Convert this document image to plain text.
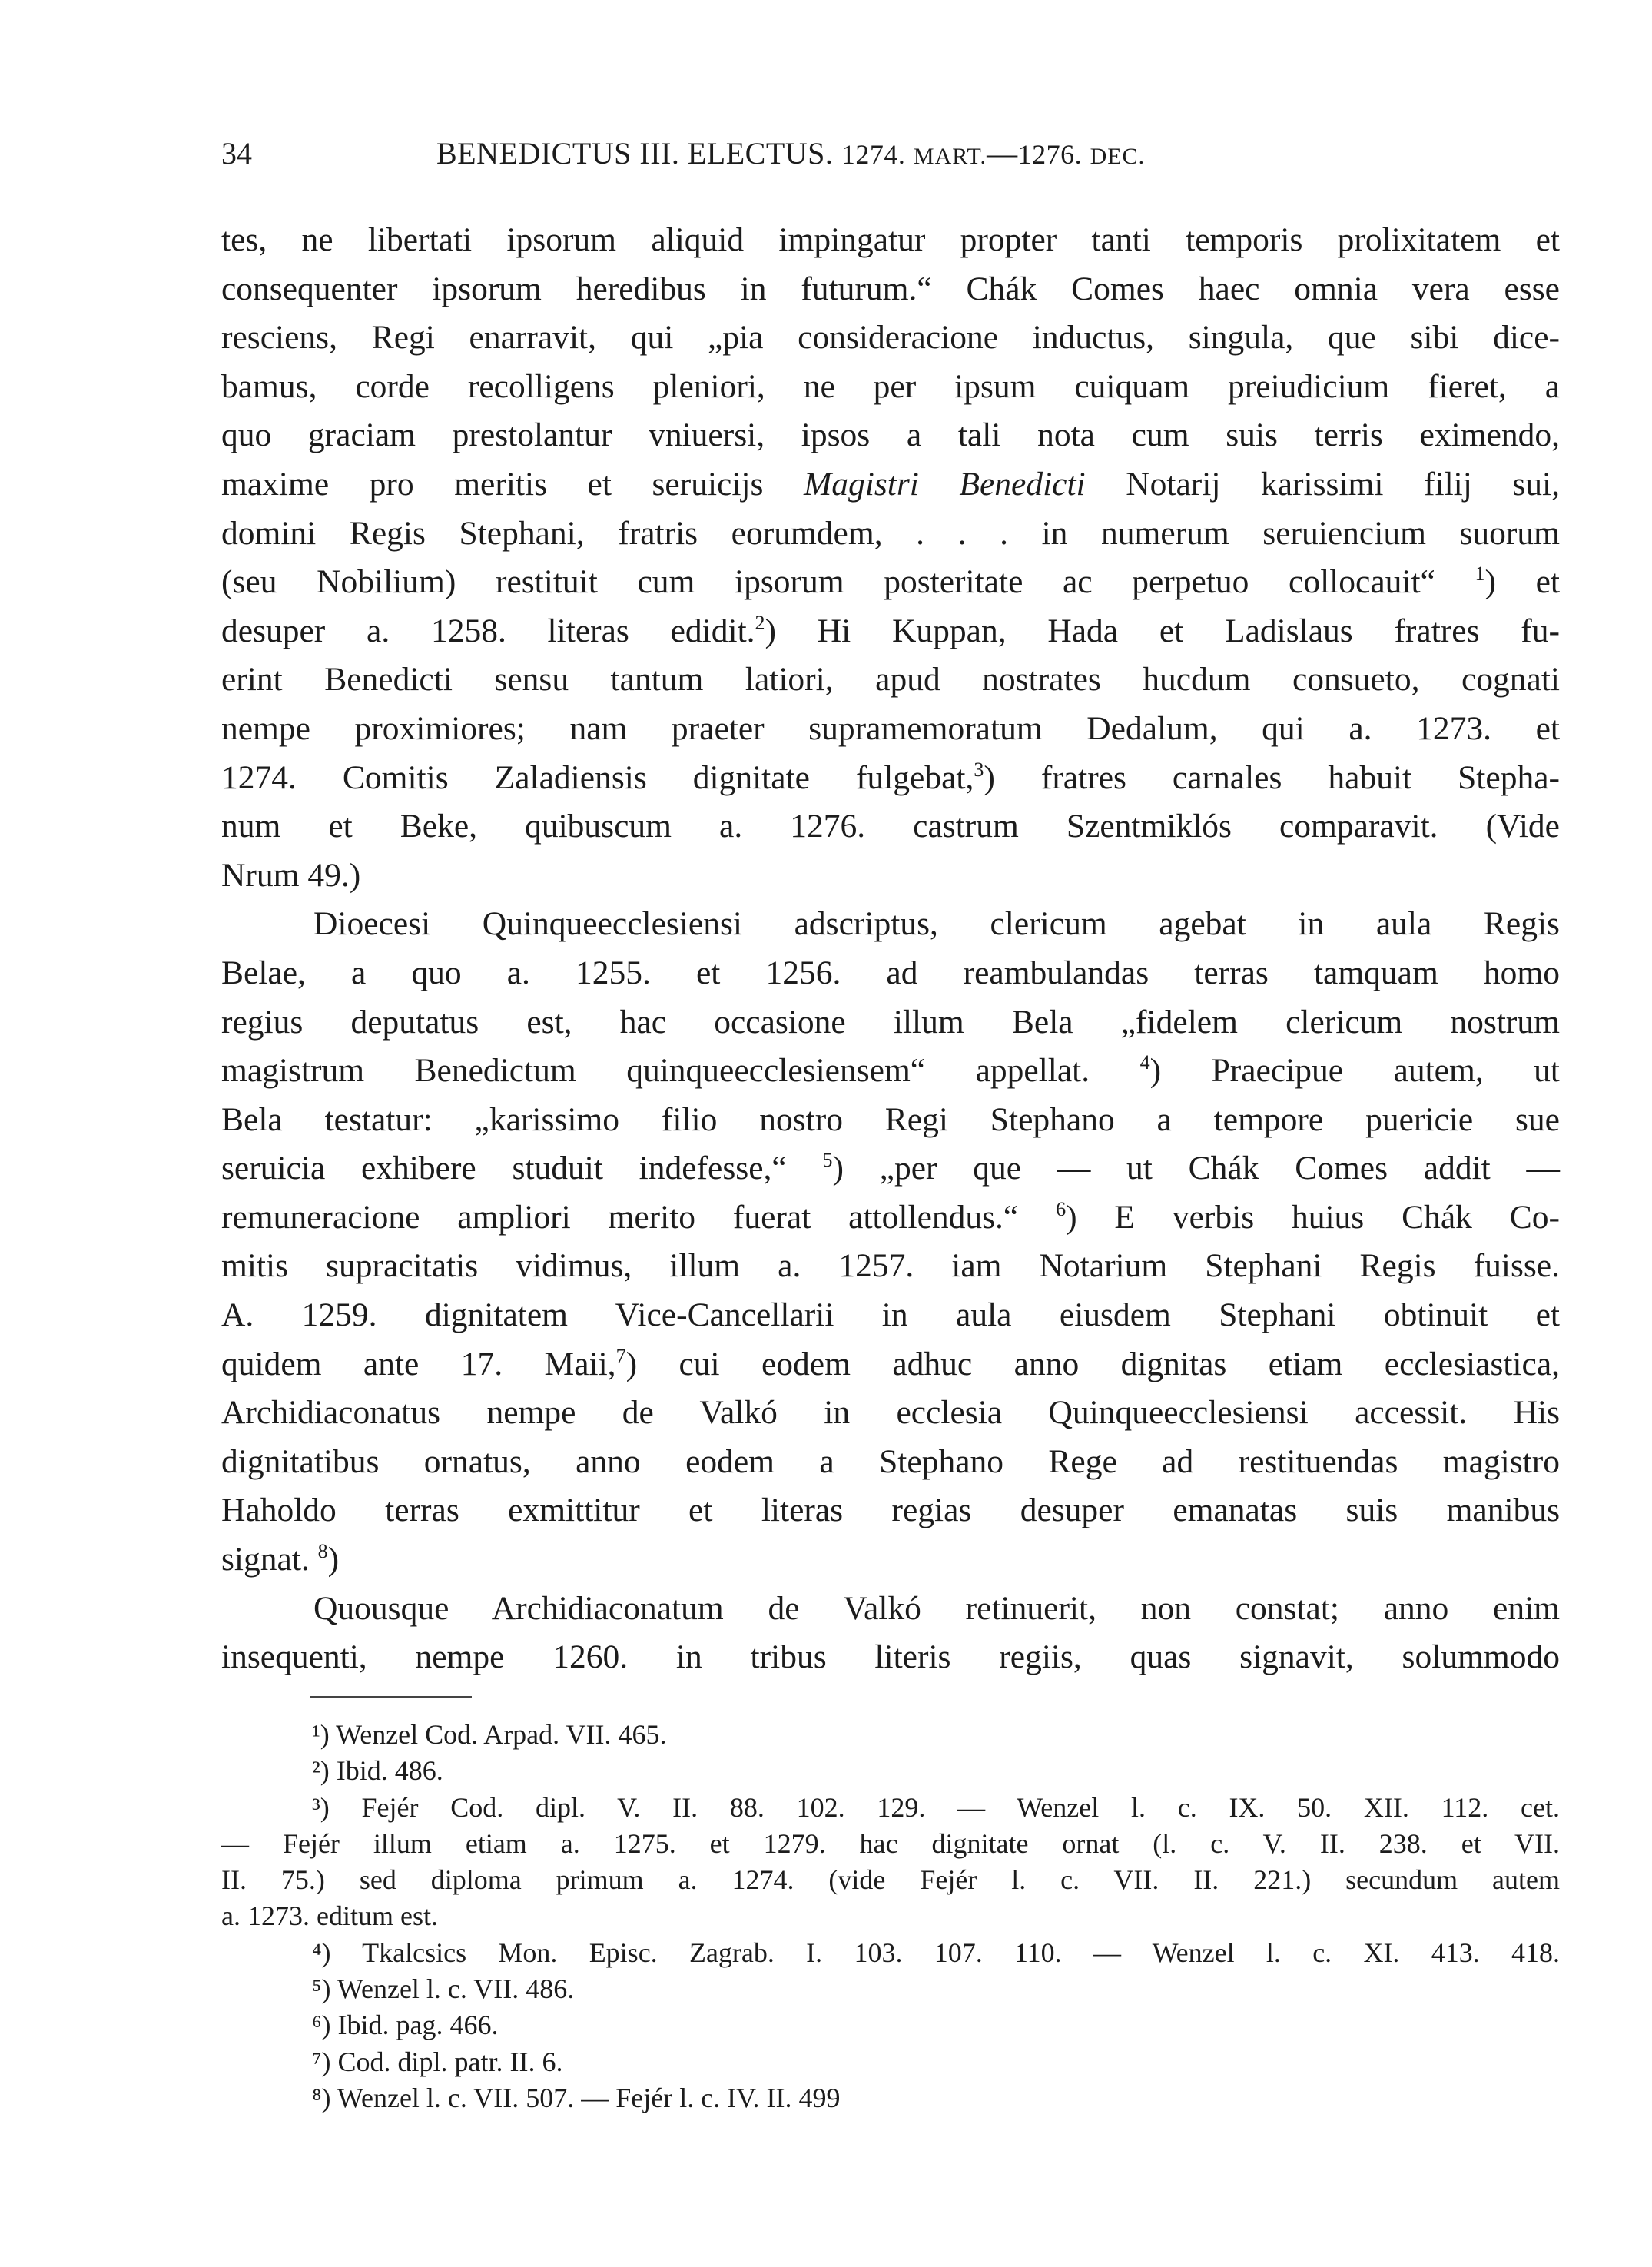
34	BENEDICTUS III. ELECTUS. 1274. MART.—1276. DEC.
tes, ne libertati ipsorum aliquid impingatur propter tanti temporis prolixitatem et
consequenter ipsorum heredibus in futurum.“ Chák Comes haec omnia vera esse
resciens, Regi enarravit, qui „pia consideracione inductus, singula, que sibi dice-
bamus, corde recolligens pleniori, ne per ipsum cuiquam preiudicium fieret, a
quo graciam prestolantur vniuersi, ipsos a tali nota cum suis terris eximendo,
maxime pro meritis et seruicijs Magistri Benedicti Notarij karissimi filij sui,
domini Regis Stephani, fratris eorumdem, . . . in numerum seruiencium suorum
(seu Nobilium) restituit cum ipsorum posteritate ac perpetuo collocauit“ $^1$) et
desuper a. 1258. literas edidit.$^2$) Hi Kuppan, Hada et Ladislaus fratres fu-
erint Benedicti sensu tantum latiori, apud nostrates hucdum consueto, cognati
nempe proximiores; nam praeter supramemoratum Dedalum, qui a. 1273. et
1274. Comitis Zaladiensis dignitate fulgebat,$^3$) fratres carnales habuit Stepha-
num et Beke, quibuscum a. 1276. castrum Szentmiklós comparavit. (Vide
Nrum 49.)
Dioecesi Quinqueecclesiensi adscriptus, clericum agebat in aula Regis
Belae, a quo a. 1255. et 1256. ad reambulandas terras tamquam homo
regius deputatus est, hac occasione illum Bela „fidelem clericum nostrum
magistrum Benedictum quinqueecclesiensem“ appellat.	$^4$) Praecipue autem, ut
Bela testatur: „karissimo filio nostro Regi Stephano a tempore puericie sue
seruicia exhibere studuit indefesse,“ $^5$) „per que — ut Chák Comes addit —
remuneracione ampliori merito fuerat attollendus.“ $^6$) E verbis huius Chák Co-
mitis supracitatis vidimus, illum a. 1257. iam Notarium Stephani Regis fuisse.
A. 1259. dignitatem Vice-Cancellarii in aula eiusdem Stephani obtinuit et
quidem ante 17. Maii,$^7$) cui eodem adhuc anno dignitas etiam ecclesiastica,
Archidiaconatus nempe de Valkó in ecclesia Quinqueecclesiensi accessit. His
dignitatibus ornatus, anno eodem a Stephano Rege ad restituendas magistro
Haholdo terras exmittitur et literas regias desuper emanatas suis manibus
signat. $^8$)
Quousque Archidiaconatum de Valkó retinuerit, non constat; anno enim
insequenti, nempe 1260. in tribus literis regiis, quas signavit, solummodo
¹) Wenzel Cod. Arpad. VII. 465.
²) Ibid. 486.
³) Fejér Cod. dipl. V. II. 88. 102. 129. — Wenzel l. c. IX. 50. XII. 112. cet.
— Fejér illum etiam a. 1275. et 1279. hac dignitate ornat (l. c. V. II. 238. et VII.
II. 75.) sed diploma primum a. 1274. (vide Fejér l. c. VII. II. 221.) secundum autem
a. 1273. editum est.
⁴) Tkalcsics Mon. Episc. Zagrab. I. 103. 107. 110. — Wenzel l. c. XI. 413. 418.
⁵) Wenzel l. c. VII. 486.
⁶) Ibid. pag. 466.
⁷) Cod. dipl. patr. II. 6.
⁸) Wenzel l. c. VII. 507. — Fejér l. c. IV. II. 499
